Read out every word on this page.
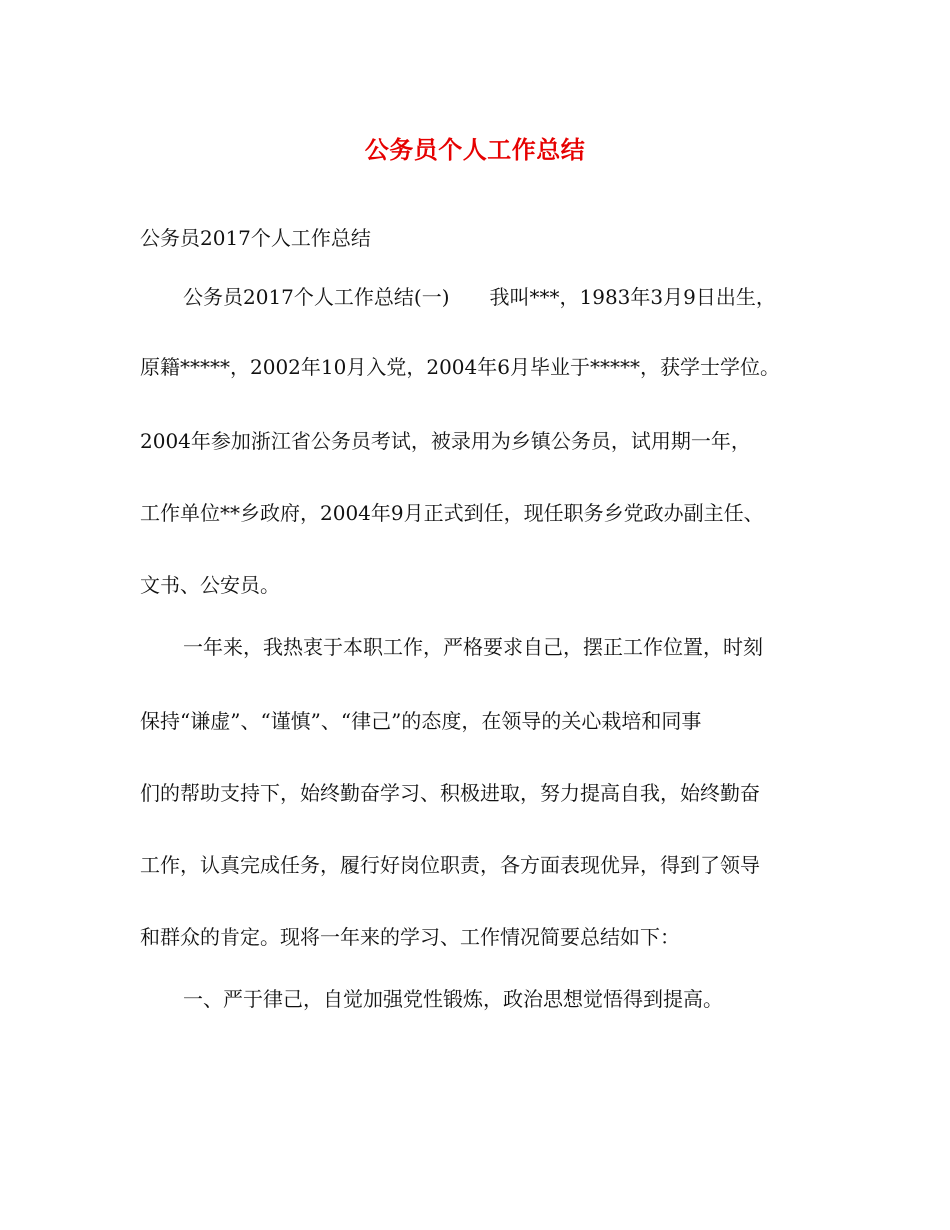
公务员个人工作总结

公务员2017个人工作总结

公务员2017个人工作总结(一)　　我叫***，1983年3月9日出生，

原籍*****，2002年10月入党，2004年6月毕业于*****，获学士学位。

2004年参加浙江省公务员考试，被录用为乡镇公务员，试用期一年，

工作单位**乡政府，2004年9月正式到任，现任职务乡党政办副主任、

文书、公安员。

一年来，我热衷于本职工作，严格要求自己，摆正工作位置，时刻

保持“谦虚”、“谨慎”、“律己”的态度，在领导的关心栽培和同事

们的帮助支持下，始终勤奋学习、积极进取，努力提高自我，始终勤奋

工作，认真完成任务，履行好岗位职责，各方面表现优异，得到了领导

和群众的肯定。现将一年来的学习、工作情况简要总结如下：

一、严于律己，自觉加强党性锻炼，政治思想觉悟得到提高。
